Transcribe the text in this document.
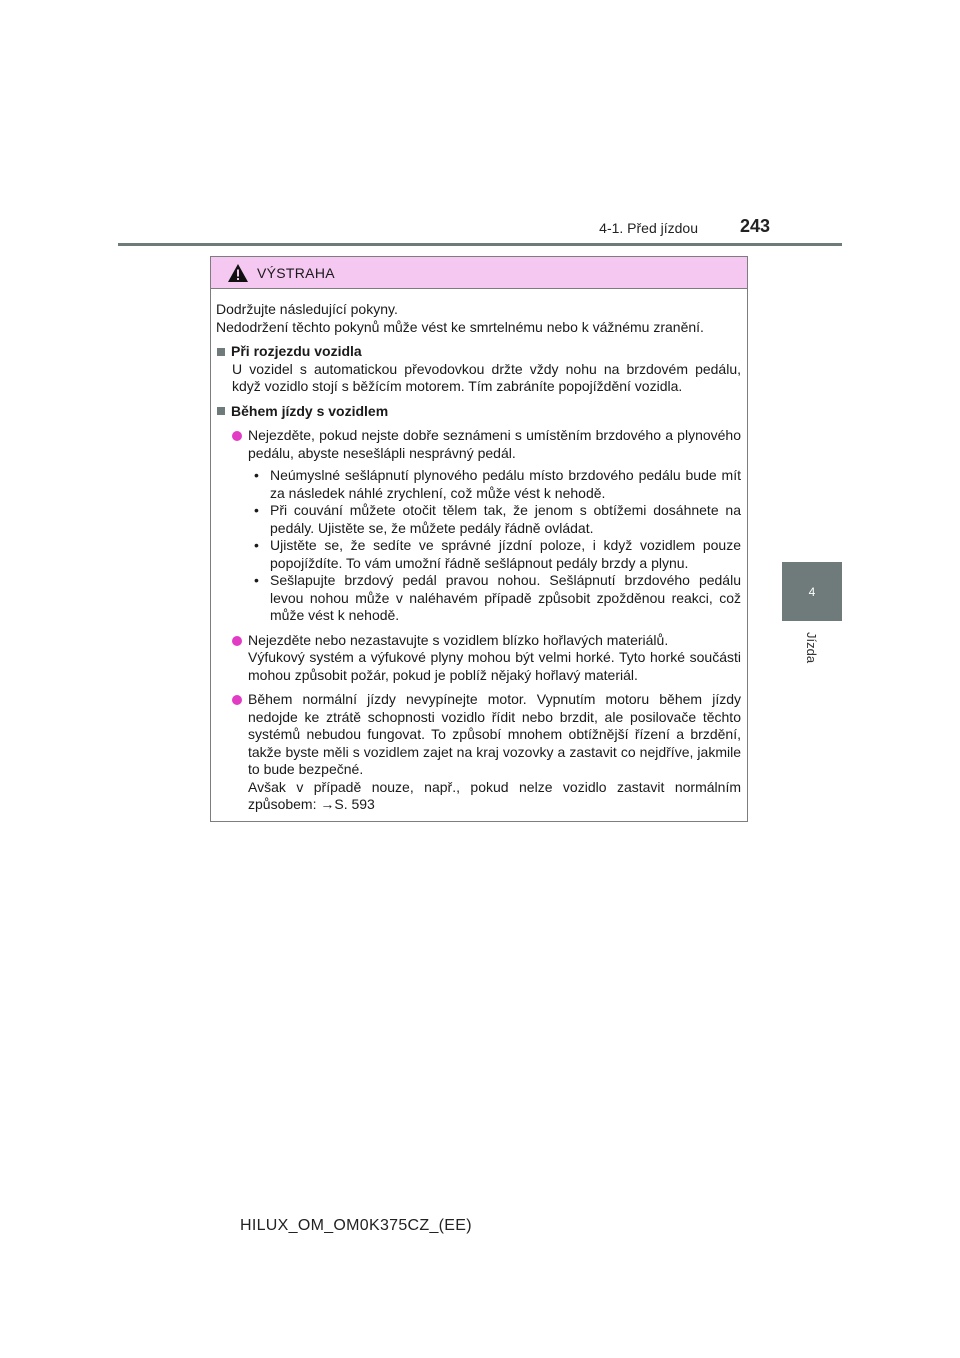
4-1. Před jízdou 243
4
Jízda
VÝSTRAHA
Dodržujte následující pokyny.
Nedodržení těchto pokynů může vést ke smrtelnému nebo k vážnému zranění.
Při rozjezdu vozidla
U vozidel s automatickou převodovkou držte vždy nohu na brzdovém pedálu, když vozidlo stojí s běžícím motorem. Tím zabráníte popojíždění vozidla.
Během jízdy s vozidlem
Nejezděte, pokud nejste dobře seznámeni s umístěním brzdového a plynového pedálu, abyste nesešlápli nesprávný pedál.
• Neúmyslné sešlápnutí plynového pedálu místo brzdového pedálu bude mít za následek náhlé zrychlení, což může vést k nehodě.
• Při couvání můžete otočit tělem tak, že jenom s obtížemi dosáhnete na pedály. Ujistěte se, že můžete pedály řádně ovládat.
• Ujistěte se, že sedíte ve správné jízdní poloze, i když vozidlem pouze popojíždíte. To vám umožní řádně sešlápnout pedály brzdy a plynu.
• Sešlapujte brzdový pedál pravou nohou. Sešlápnutí brzdového pedálu levou nohou může v naléhavém případě způsobit zpožděnou reakci, což může vést k nehodě.
Nejezděte nebo nezastavujte s vozidlem blízko hořlavých materiálů.
Výfukový systém a výfukové plyny mohou být velmi horké. Tyto horké součásti mohou způsobit požár, pokud je poblíž nějaký hořlavý materiál.
Během normální jízdy nevypínejte motor. Vypnutím motoru během jízdy nedojde ke ztrátě schopnosti vozidlo řídit nebo brzdit, ale posilovače těchto systémů nebudou fungovat. To způsobí mnohem obtížnější řízení a brzdění, takže byste měli s vozidlem zajet na kraj vozovky a zastavit co nejdříve, jakmile to bude bezpečné.
Avšak v případě nouze, např., pokud nelze vozidlo zastavit normálním způsobem: →S. 593
HILUX_OM_OM0K375CZ_(EE)
